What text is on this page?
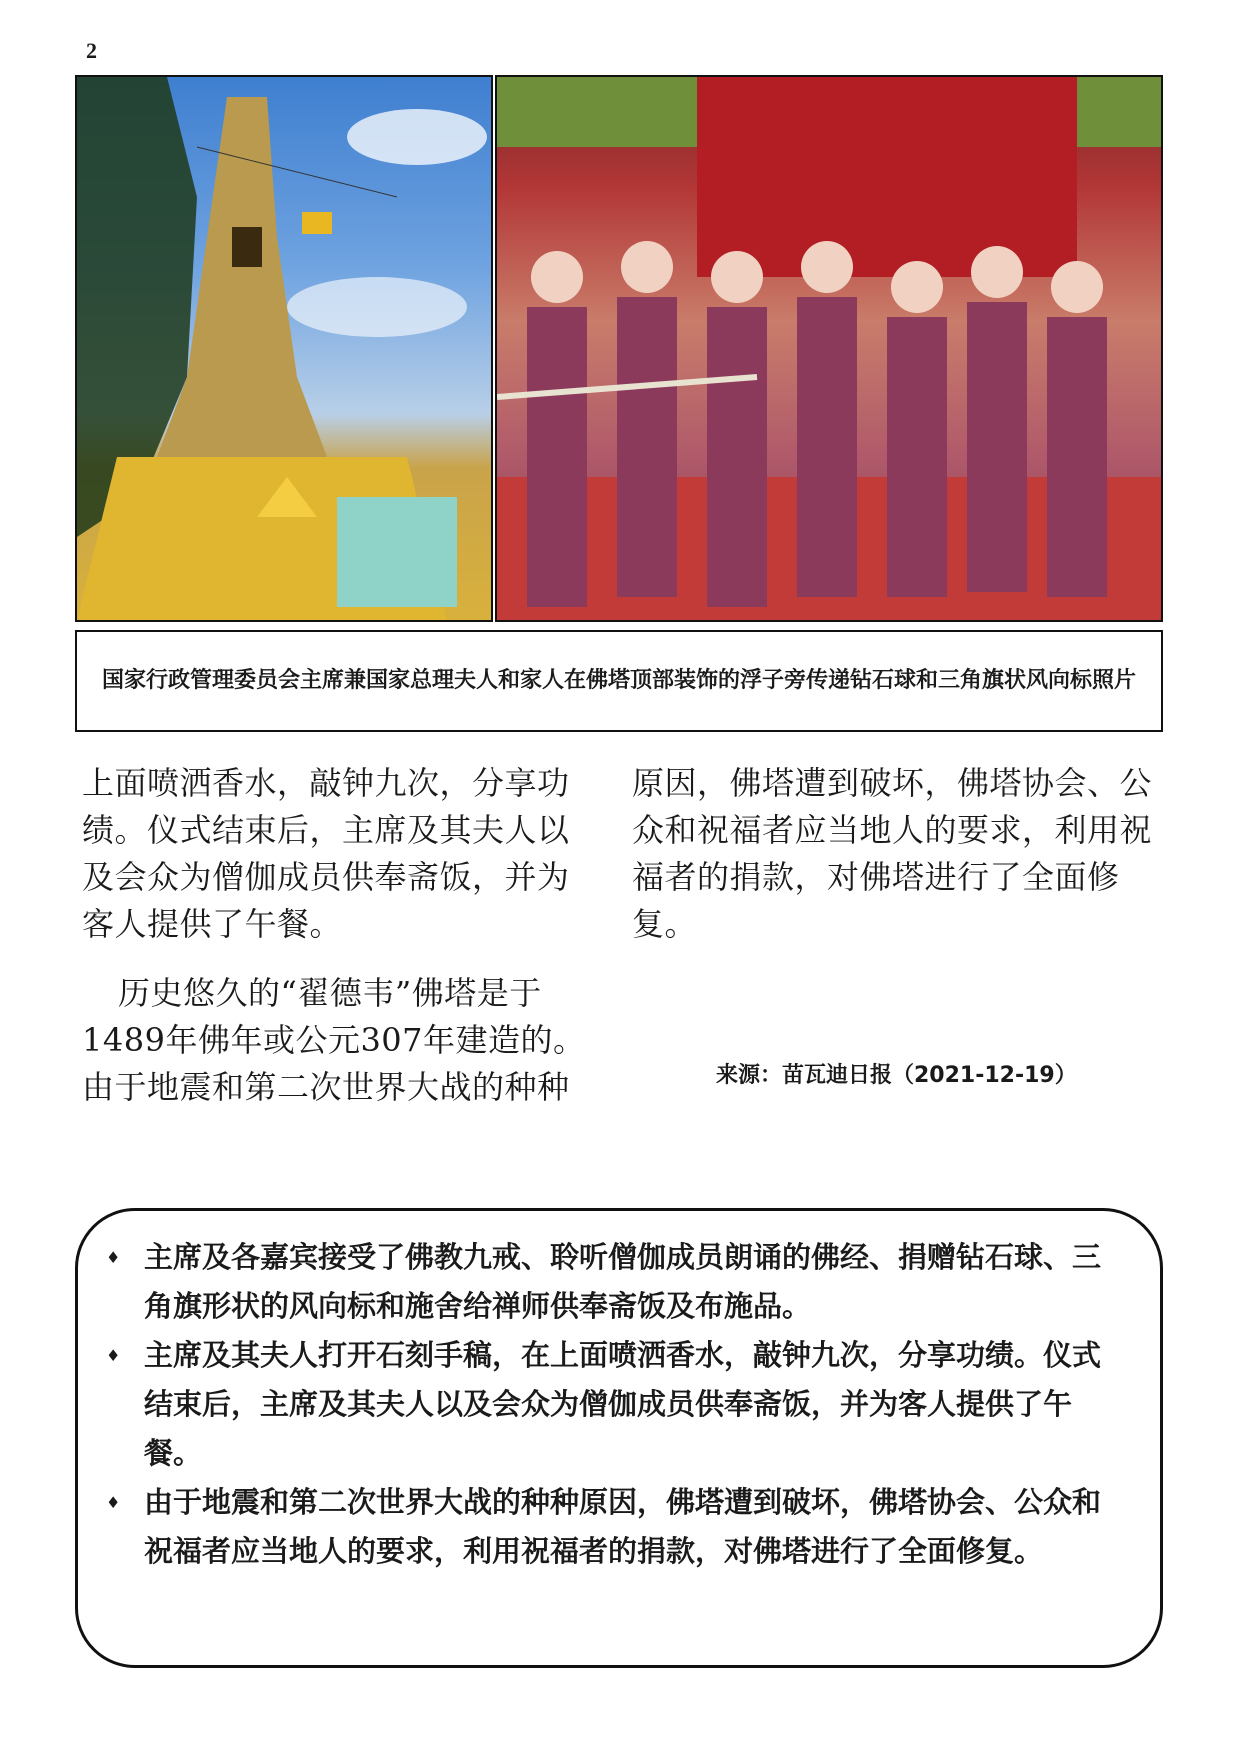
2

国家行政管理委员会主席兼国家总理夫人和家人在佛塔顶部装饰的浮子旁传递钻石球和三角旗状风向标照片

上面喷洒香水，敲钟九次，分享功绩。仪式结束后，主席及其夫人以及会众为僧伽成员供奉斋饭，并为客人提供了午餐。

历史悠久的“翟德韦”佛塔是于1489年佛年或公元307年建造的。由于地震和第二次世界大战的种种

原因，佛塔遭到破坏，佛塔协会、公众和祝福者应当地人的要求，利用祝福者的捐款，对佛塔进行了全面修复。

来源：苗瓦迪日报（2021-12-19）
♦ 主席及各嘉宾接受了佛教九戒、聆听僧伽成员朗诵的佛经、捐赠钻石球、三角旗形状的风向标和施舍给禅师供奉斋饭及布施品。
♦ 主席及其夫人打开石刻手稿，在上面喷洒香水，敲钟九次，分享功绩。仪式结束后，主席及其夫人以及会众为僧伽成员供奉斋饭，并为客人提供了午餐。
♦ 由于地震和第二次世界大战的种种原因，佛塔遭到破坏，佛塔协会、公众和祝福者应当地人的要求，利用祝福者的捐款，对佛塔进行了全面修复。
